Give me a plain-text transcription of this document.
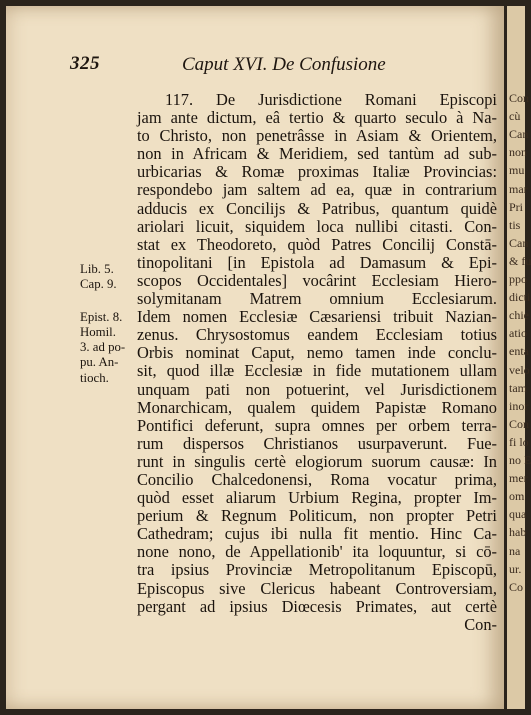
325	Caput XVI. De Confusione
Lib. 5.
Cap. 9.
Epist. 8.
Homil.
3. ad po-
pu. An-
tioch.
117. De Jurisdictione Romani Episcopi
jam ante dictum, eâ tertio & quarto seculo à Na-
to Christo, non penetrâsse in Asiam & Orientem,
non in Africam & Meridiem, sed tantùm ad sub-
urbicarias & Romæ proximas Italiæ Provincias:
respondebo jam saltem ad ea, quæ in contrarium
adducis ex Concilijs & Patribus, quantum quidè
ariolari licuit, siquidem loca nullibi citasti. Con-
stat ex Theodoreto, quòd Patres Concilij Constā-
tinopolitani [in Epistola ad Damasum & Epi-
scopos Occidentales] vocârint Ecclesiam Hiero-
solymitanam Matrem omnium Ecclesiarum.
Idem nomen Ecclesiæ Cæsariensi tribuit Nazian-
zenus. Chrysostomus eandem Ecclesiam totius
Orbis nominat Caput, nemo tamen inde conclu-
sit, quod illæ Ecclesiæ in fide mutationem ullam
unquam pati non potuerint, vel Jurisdictionem
Monarchicam, qualem quidem Papistæ Romano
Pontifici deferunt, supra omnes per orbem terra-
rum dispersos Christianos usurpaverunt. Fue-
runt in singulis certè elogiorum suorum causæ: In
Concilio Chalcedonensi, Roma vocatur prima,
quòd esset aliarum Urbium Regina, propter Im-
perium & Regnum Politicum, non propter Petri
Cathedram; cujus ibi nulla fit mentio. Hinc Ca-
none nono, de Appellationib' ita loquuntur, si cō-
tra ipsius Provinciæ Metropolitanum Episcopū,
Episcopus sive Clericus habeant Controversiam,
pergant ad ipsius Diœcesis Primates, aut certè
Con-
Con
cù
Can
non
mu
mar
Pri
tis
Can
& fu
ppo
dicti
chie
atio
enta
velo
tam
inor
Con
fi lo
no E
mer
om
qua
hab
na
ur.
Co
